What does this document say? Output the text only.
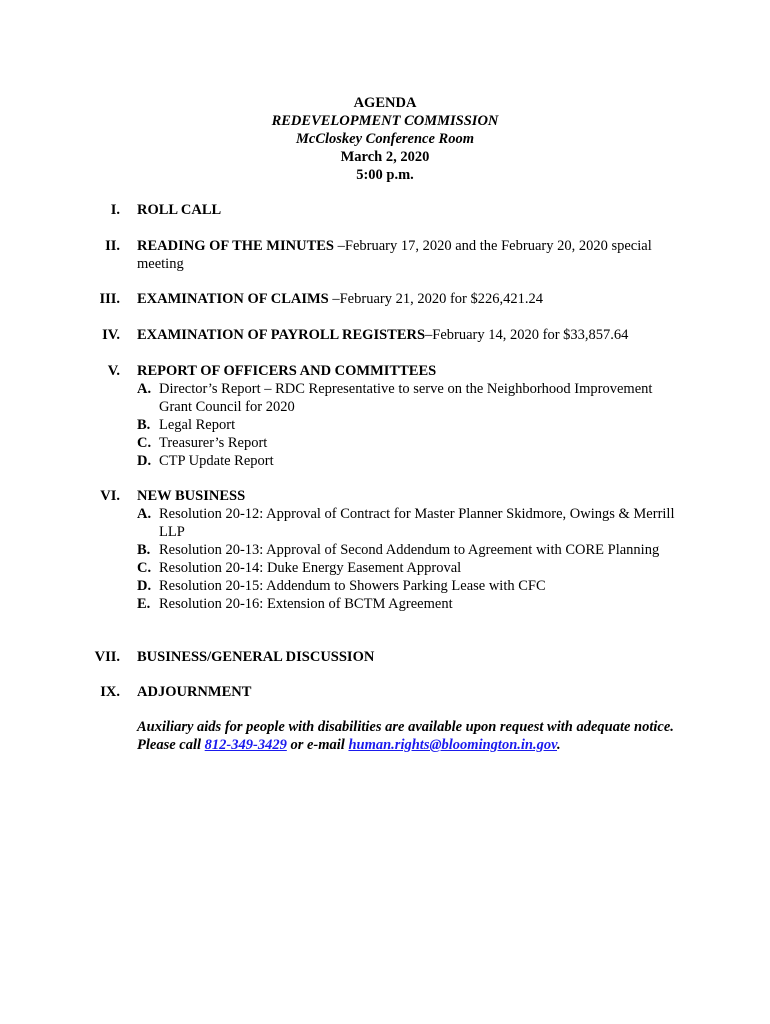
AGENDA
REDEVELOPMENT COMMISSION
McCloskey Conference Room
March 2, 2020
5:00 p.m.
I. ROLL CALL
II. READING OF THE MINUTES –February 17, 2020 and the February 20, 2020 special meeting
III. EXAMINATION OF CLAIMS –February 21, 2020 for $226,421.24
IV. EXAMINATION OF PAYROLL REGISTERS–February 14, 2020 for $33,857.64
V. REPORT OF OFFICERS AND COMMITTEES
A. Director’s Report – RDC Representative to serve on the Neighborhood Improvement Grant Council for 2020
B. Legal Report
C. Treasurer’s Report
D. CTP Update Report
VI. NEW BUSINESS
A. Resolution 20-12: Approval of Contract for Master Planner Skidmore, Owings & Merrill LLP
B. Resolution 20-13: Approval of Second Addendum to Agreement with CORE Planning
C. Resolution 20-14: Duke Energy Easement Approval
D. Resolution 20-15: Addendum to Showers Parking Lease with CFC
E. Resolution 20-16: Extension of BCTM Agreement
VII. BUSINESS/GENERAL DISCUSSION
IX. ADJOURNMENT
Auxiliary aids for people with disabilities are available upon request with adequate notice. Please call 812-349-3429 or e-mail human.rights@bloomington.in.gov.
